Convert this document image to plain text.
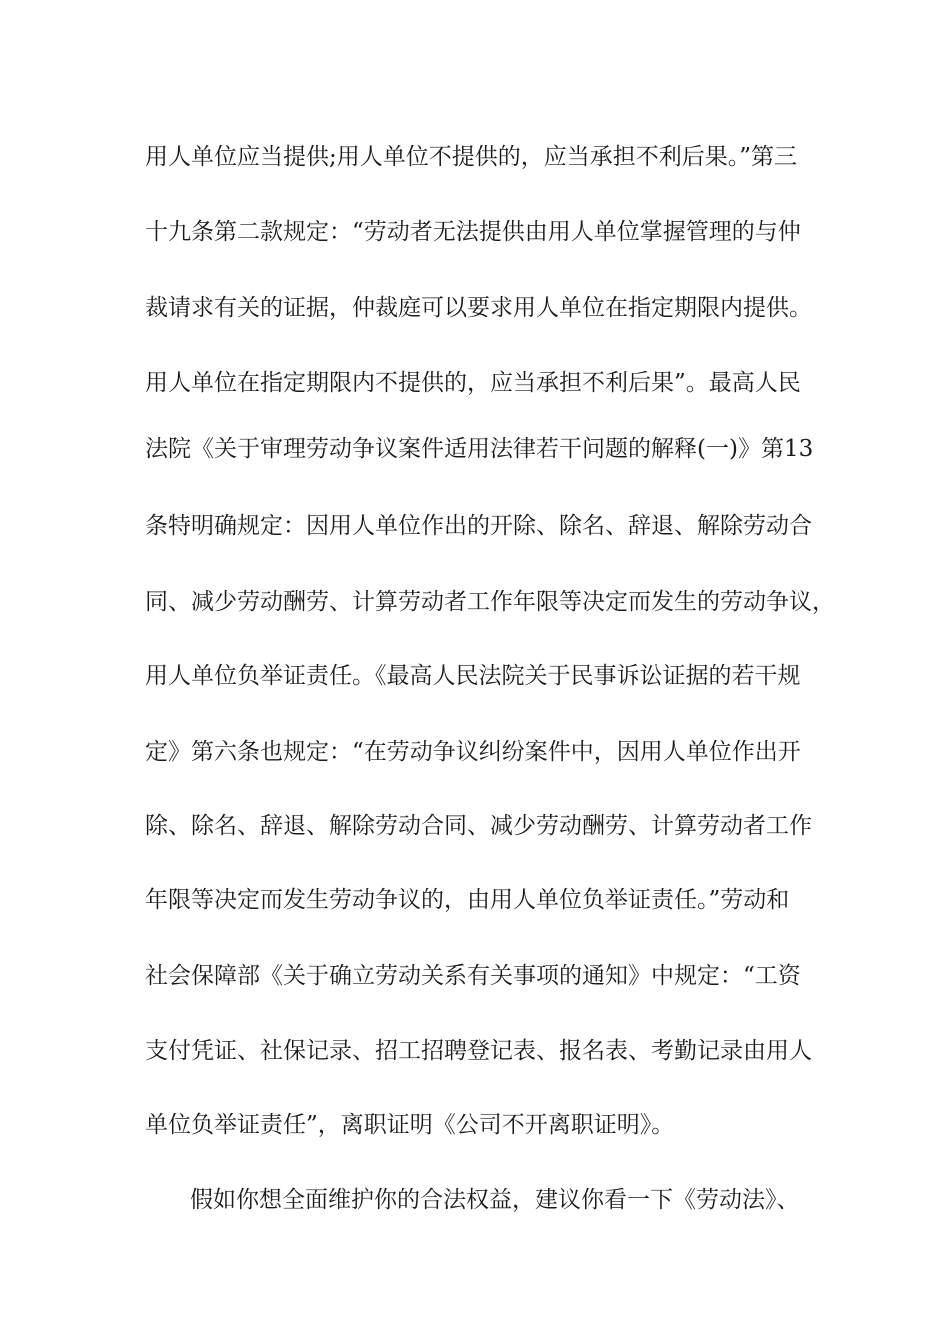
用人单位应当提供;用人单位不提供的，应当承担不利后果。”第三
十九条第二款规定：“劳动者无法提供由用人单位掌握管理的与仲
裁请求有关的证据，仲裁庭可以要求用人单位在指定期限内提供。
用人单位在指定期限内不提供的，应当承担不利后果”。最高人民
法院《关于审理劳动争议案件适用法律若干问题的解释(一)》第13
条特明确规定：因用人单位作出的开除、除名、辞退、解除劳动合
同、减少劳动酬劳、计算劳动者工作年限等决定而发生的劳动争议，
用人单位负举证责任。《最高人民法院关于民事诉讼证据的若干规
定》第六条也规定：“在劳动争议纠纷案件中，因用人单位作出开
除、除名、辞退、解除劳动合同、减少劳动酬劳、计算劳动者工作
年限等决定而发生劳动争议的，由用人单位负举证责任。”劳动和
社会保障部《关于确立劳动关系有关事项的通知》中规定：“工资
支付凭证、社保记录、招工招聘登记表、报名表、考勤记录由用人
单位负举证责任”，离职证明《公司不开离职证明》。
假如你想全面维护你的合法权益，建议你看一下《劳动法》、
